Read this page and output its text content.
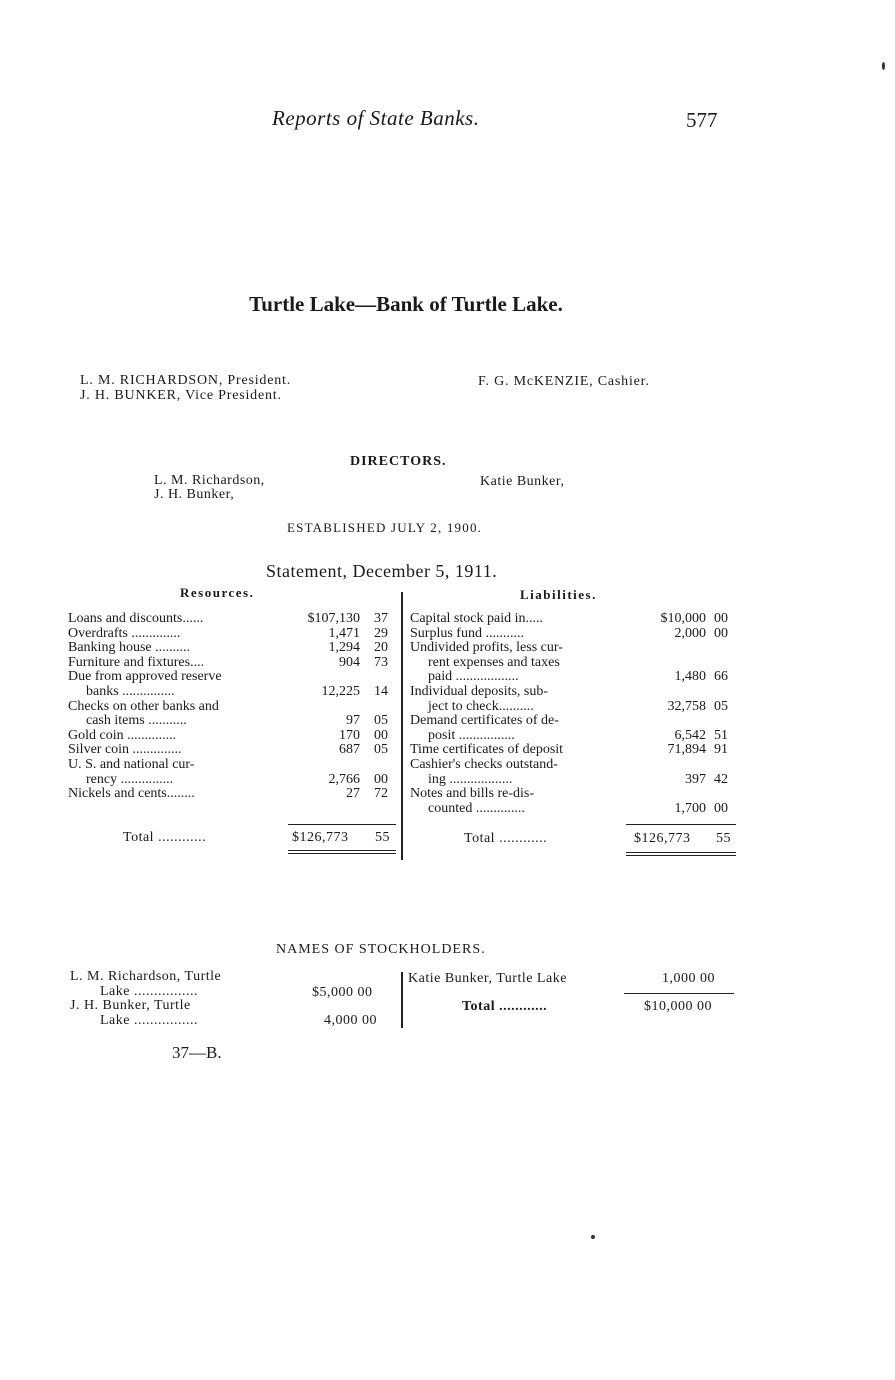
Reports of State Banks.	577
Turtle Lake—Bank of Turtle Lake.
L. M. RICHARDSON, President.
J. H. BUNKER, Vice President.
F. G. McKENZIE, Cashier.
DIRECTORS.
L. M. Richardson,
J. H. Bunker,
Katie Bunker,
ESTABLISHED JULY 2, 1900.
Statement, December 5, 1911.
Resources.	Liabilities.
Loans and discounts......	$107,130 37
Overdrafts ..............	1,471 29
Banking house ..........	1,294 20
Furniture and fixtures....	904 73
Due from approved reserve
banks ...............	12,225 14
Checks on other banks and
cash items ...........	97 05
Gold coin ..............	170 00
Silver coin ..............	687 05
U. S. and national cur-
rency ...............	2,766 00
Nickels and cents........	27 72
Capital stock paid in.....	$10,000 00
Surplus fund ...........	2,000 00
Undivided profits, less cur-
rent expenses and taxes
paid ..................	1,480 66
Individual deposits, sub-
ject to check..........	32,758 05
Demand certificates of de-
posit ................	6,542 51
Time certificates of deposit	71,894 91
Cashier's checks outstand-
ing ..................	397 42
Notes and bills re-dis-
counted ..............	1,700 00
Total ............	$126,773 55	Total ............	$126,773 55
NAMES OF STOCKHOLDERS.
L. M. Richardson, Turtle
Lake ................	$5,000 00
J. H. Bunker, Turtle
Lake ................	4,000 00
Katie Bunker, Turtle Lake	1,000 00
Total ............	$10,000 00
37—B.
